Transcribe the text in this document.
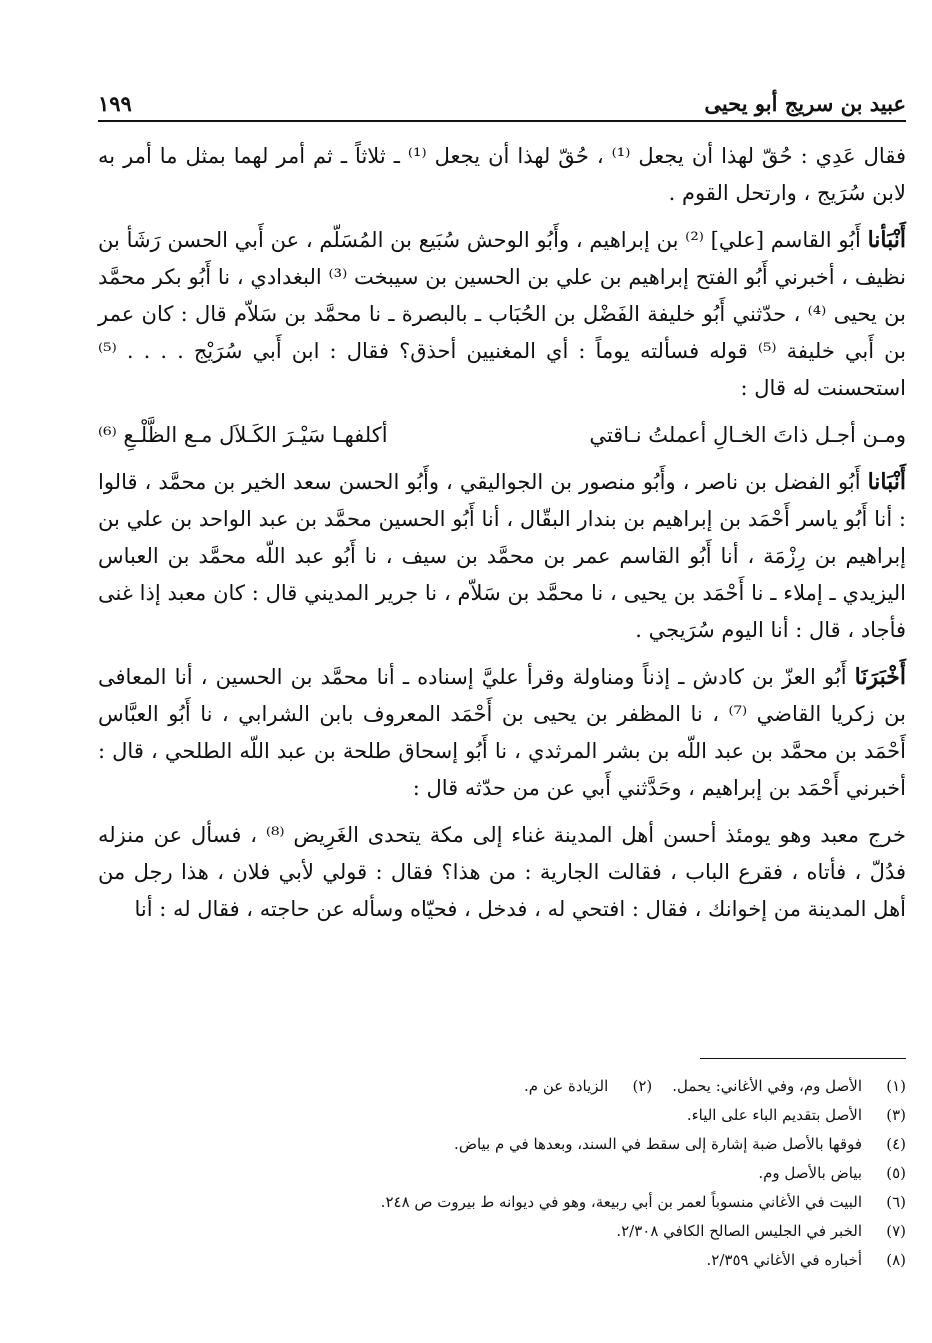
عبيد بن سريج أبو يحيى
١٩٩

فقال عَدِي : حُقّ لهذا أن يجعل ⁽¹⁾ ، حُقّ لهذا أن يجعل ⁽¹⁾ ـ ثلاثاً ـ ثم أمر لهما بمثل ما أمر به لابن سُرَيج ، وارتحل القوم .

أَنْبَأنا أَبُو القاسم [علي] ⁽²⁾ بن إبراهيم ، وأَبُو الوحش سُبَيع بن المُسَلّم ، عن أَبي الحسن رَشَأ بن نظيف ، أخبرني أَبُو الفتح إبراهيم بن علي بن الحسين بن سيبخت ⁽³⁾ البغدادي ، نا أَبُو بكر محمَّد بن يحيى ⁽⁴⁾ ، حدّثني أَبُو خليفة الفَضْل بن الحُبَاب ـ بالبصرة ـ نا محمَّد بن سَلاّم قال : كان عمر بن أَبي خليفة ⁽⁵⁾ قوله فسألته يوماً : أي المغنيين أحذق؟ فقال : ابن أَبي سُرَيْج . . . . ⁽⁵⁾ استحسنت له قال :

ومـن أجـل ذاتَ الخـالِ أعملتُ نـاقتي
أكلفهـا سَيْـرَ الكَـلاَل مـع الظَّلْـعِ ⁽⁶⁾

أَنْبَانا أَبُو الفضل بن ناصر ، وأَبُو منصور بن الجواليقي ، وأَبُو الحسن سعد الخير بن محمَّد ، قالوا : أنا أَبُو ياسر أَحْمَد بن إبراهيم بن بندار البقّال ، أنا أَبُو الحسين محمَّد بن عبد الواحد بن علي بن إبراهيم بن رِزْمَة ، أنا أَبُو القاسم عمر بن محمَّد بن سيف ، نا أَبُو عبد اللّه محمَّد بن العباس اليزيدي ـ إملاء ـ نا أَحْمَد بن يحيى ، نا محمَّد بن سَلاّم ، نا جرير المديني قال : كان معبد إذا غنى فأجاد ، قال : أنا اليوم سُرَيجي .

أَخْبَرَنَا أَبُو العزّ بن كادش ـ إذناً ومناولة وقرأ عليَّ إسناده ـ أنا محمَّد بن الحسين ، أنا المعافى بن زكريا القاضي ⁽⁷⁾ ، نا المظفر بن يحيى بن أَحْمَد المعروف بابن الشرابي ، نا أَبُو العبَّاس أَحْمَد بن محمَّد بن عبد اللّه بن بشر المرثدي ، نا أَبُو إسحاق طلحة بن عبد اللّه الطلحي ، قال : أخبرني أَحْمَد بن إبراهيم ، وحَدَّثني أَبي عن من حدّثه قال :

خرج معبد وهو يومئذ أحسن أهل المدينة غناء إلى مكة يتحدى الغَرِيض ⁽⁸⁾ ، فسأل عن منزله فدُلّ ، فأتاه ، فقرع الباب ، فقالت الجارية : من هذا؟ فقال : قولي لأبي فلان ، هذا رجل من أهل المدينة من إخوانك ، فقال : افتحي له ، فدخل ، فحيّاه وسأله عن حاجته ، فقال له : أنا

(١)
الأصل وم، وفي الأغاني: يحمل.
(٢)
الزيادة عن م.
(٣)
الأصل بتقديم الباء على الياء.
(٤)
فوقها بالأصل ضبة إشارة إلى سقط في السند، وبعدها في م بياض.
(٥)
بياض بالأصل وم.
(٦)
البيت في الأغاني منسوباً لعمر بن أبي ربيعة، وهو في ديوانه ط بيروت ص ٢٤٨.
(٧)
الخبر في الجليس الصالح الكافي ٢/٣٠٨.
(٨)
أخباره في الأغاني ٢/٣٥٩.
